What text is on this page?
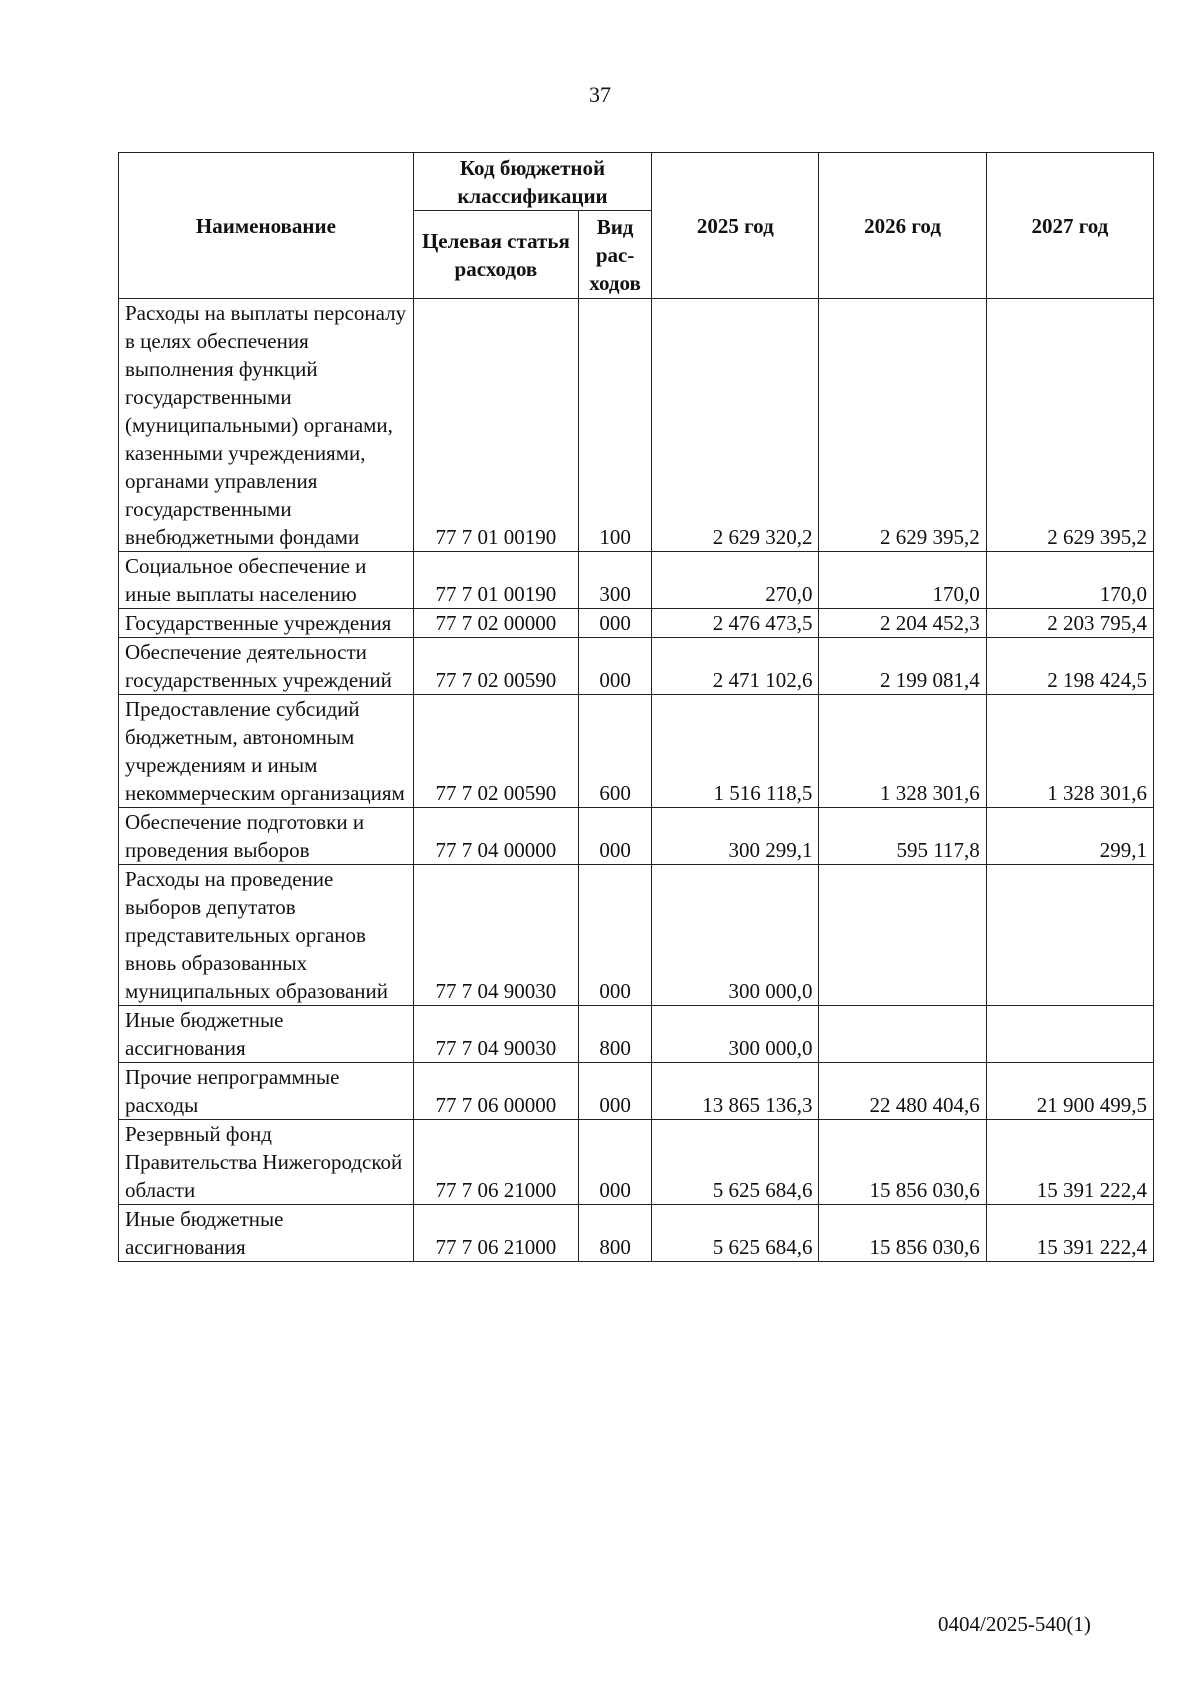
37
Наименование	Код бюджетной классификации		2025 год	2026 год	2027 год
	Целевая статья расходов	Вид рас-ходов			
Расходы на выплаты персоналу в целях обеспечения выполнения функций государственными (муниципальными) органами, казенными учреждениями, органами управления государственными внебюджетными фондами	77 7 01 00190	100	2 629 320,2	2 629 395,2	2 629 395,2
Социальное обеспечение и иные выплаты населению	77 7 01 00190	300	270,0	170,0	170,0
Государственные учреждения	77 7 02 00000	000	2 476 473,5	2 204 452,3	2 203 795,4
Обеспечение деятельности государственных учреждений	77 7 02 00590	000	2 471 102,6	2 199 081,4	2 198 424,5
Предоставление субсидий бюджетным, автономным учреждениям и иным некоммерческим организациям	77 7 02 00590	600	1 516 118,5	1 328 301,6	1 328 301,6
Обеспечение подготовки и проведения выборов	77 7 04 00000	000	300 299,1	595 117,8	299,1
Расходы на проведение выборов депутатов представительных органов вновь образованных муниципальных образований	77 7 04 90030	000	300 000,0		
Иные бюджетные ассигнования	77 7 04 90030	800	300 000,0		
Прочие непрограммные расходы	77 7 06 00000	000	13 865 136,3	22 480 404,6	21 900 499,5
Резервный фонд Правительства Нижегородской области	77 7 06 21000	000	5 625 684,6	15 856 030,6	15 391 222,4
Иные бюджетные ассигнования	77 7 06 21000	800	5 625 684,6	15 856 030,6	15 391 222,4
0404/2025-540(1)
